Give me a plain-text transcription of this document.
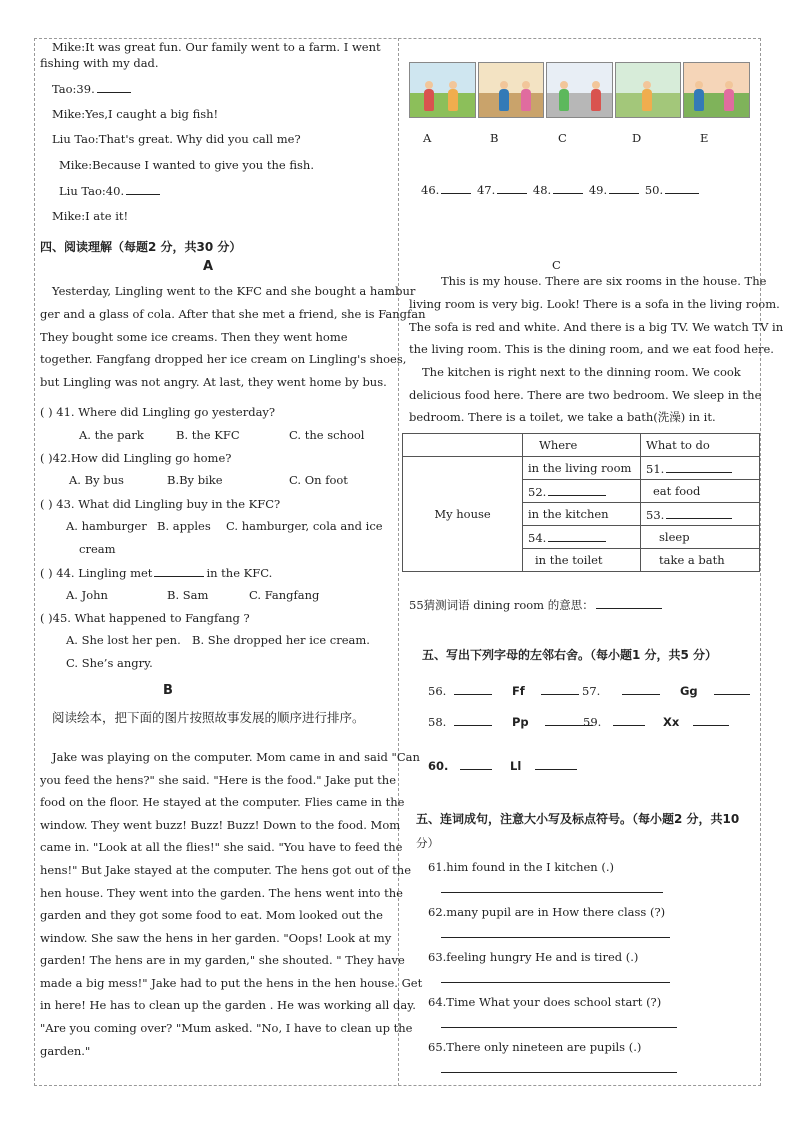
Mike:It was great fun. Our family went to a farm. I went
fishing with my dad.
Tao:39.
Mike:Yes,I caught a big fish!
Liu Tao:That's great. Why did you call me?
Mike:Because I wanted to give you the fish.
Liu Tao:40.
Mike:I ate it!
四、阅读理解（每题2 分，共30 分）
A
Yesterday, Lingling went to the KFC and she bought a hambur
ger and a glass of cola. After that she met a friend, she is Fangfan
They bought some ice creams. Then they went home
together. Fangfang dropped her ice cream on Lingling's shoes,
but Lingling was not angry. At last, they went home by bus.
( ) 41. Where did Lingling go yesterday?
A. the park	B. the KFC	C. the school
( )42.How did Lingling go home?
A. By bus	B.By bike	C. On foot
( ) 43. What did Lingling buy in the KFC?
A. hamburger B. apples C. hamburger, cola and ice
cream
( ) 44. Lingling met	in the KFC.
A. John	B. Sam	C. Fangfang
( )45. What happened to Fangfang ?
A. She lost her pen. B. She dropped her ice cream.
C. She’s angry.
B
阅读绘本，把下面的图片按照故事发展的顺序进行排序。
Jake was playing on the computer. Mom came in and said "Can
you feed the hens?" she said. "Here is the food." Jake put the
food on the floor. He stayed at the computer. Flies came in the
window. They went buzz! Buzz! Buzz! Down to the food. Mom
came in. "Look at all the flies!" she said. "You have to feed the
hens!" But Jake stayed at the computer. The hens got out of the
hen house. They went into the garden. The hens went into the
garden and they got some food to eat. Mom looked out the
window. She saw the hens in her garden. "Oops! Look at my
garden! The hens are in my garden," she shouted. " They have
made a big mess!" Jake had to put the hens in the hen house. Get
in here! He has to clean up the garden . He was working all day.
"Are you coming over? "Mum asked. "No, I have to clean up the
garden."
A	B	C	D	E
46.	47.	48.	49.	50.
C
This is my house. There are six rooms in the house. The
living room is very big. Look! There is a sofa in the living room.
The sofa is red and white. And there is a big TV. We watch TV in
the living room. This is the dining room, and we eat food here.
The kitchen is right next to the dinning room. We cook
delicious food here. There are two bedroom. We sleep in the
bedroom. There is a toilet, we take a bath(洗澡) in it.
	Where	What to do
My house	in the living room	51.
	52.	eat food
	in the kitchen	53.
	54.	sleep
	in the toilet	take a bath
55猜测词语 dining room 的意思：
五、写出下列字母的左邻右舍。（每小题1 分，共5 分）
56.	Ff	57.	Gg
58.	Pp	59.	Xx
60.	Ll
五、连词成句，注意大小写及标点符号。（每小题2 分，共10
分）
61.him found in the I kitchen (.)
62.many pupil are in How there class (?)
63.feeling hungry He and is tired (.)
64.Time What your does school start (?)
65.There only nineteen are pupils (.)
